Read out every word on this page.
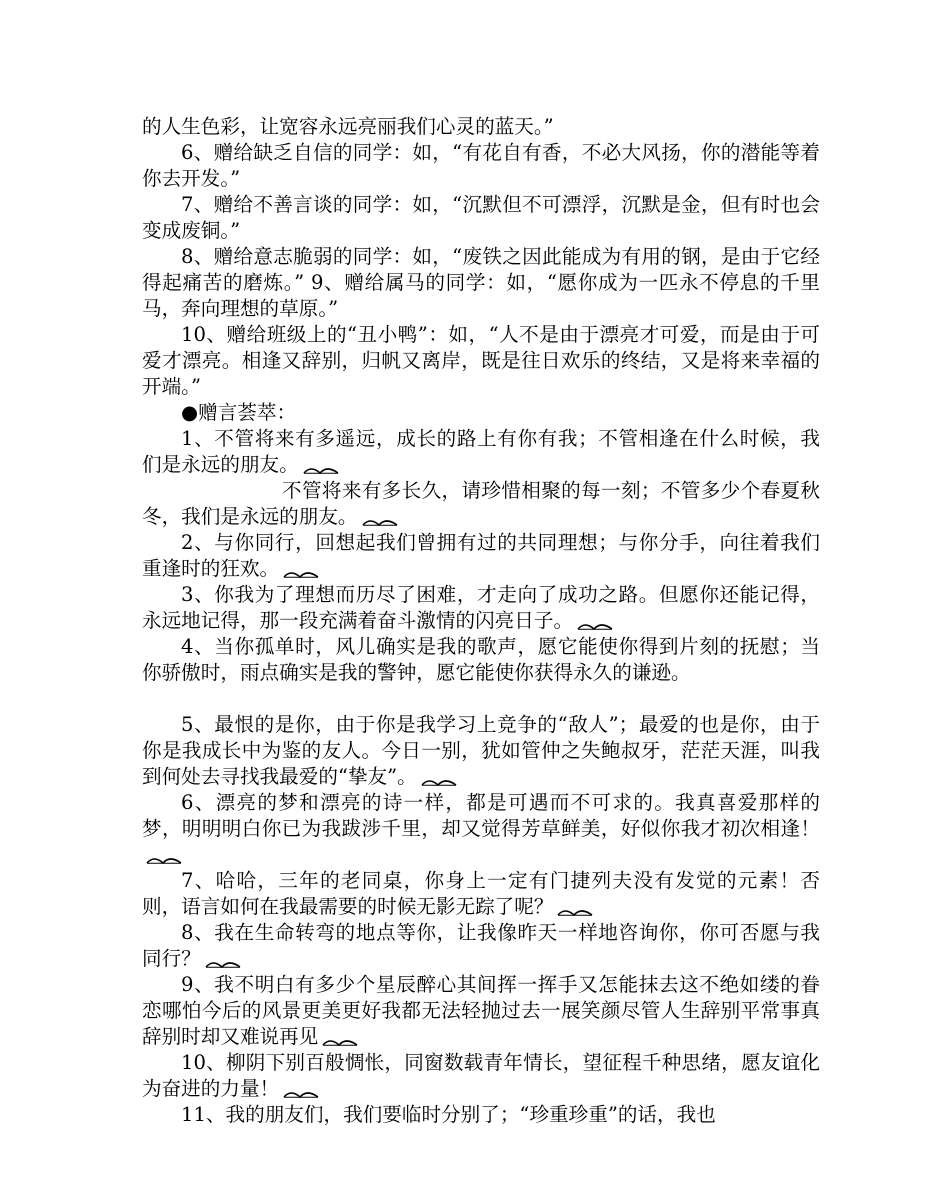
的人生色彩，让宽容永远亮丽我们心灵的蓝天。”

6、赠给缺乏自信的同学：如，“有花自有香，不必大风扬，你的潜能等着你去开发。”

7、赠给不善言谈的同学：如，“沉默但不可漂浮，沉默是金，但有时也会变成废铜。”

8、赠给意志脆弱的同学：如，“废铁之因此能成为有用的钢，是由于它经得起痛苦的磨炼。” 9、赠给属马的同学：如，“愿你成为一匹永不停息的千里马，奔向理想的草原。”

10、赠给班级上的“丑小鸭”：如，“人不是由于漂亮才可爱，而是由于可爱才漂亮。相逢又辞别，归帆又离岸，既是往日欢乐的终结，又是将来幸福的开端。”

●赠言荟萃：

1、不管将来有多遥远，成长的路上有你有我；不管相逢在什么时候，我们是永远的朋友。

不管将来有多长久，请珍惜相聚的每一刻；不管多少个春夏秋冬，我们是永远的朋友。

2、与你同行，回想起我们曾拥有过的共同理想；与你分手，向往着我们重逢时的狂欢。

3、你我为了理想而历尽了困难，才走向了成功之路。但愿你还能记得，永远地记得，那一段充满着奋斗激情的闪亮日子。

4、当你孤单时，风儿确实是我的歌声，愿它能使你得到片刻的抚慰；当你骄傲时，雨点确实是我的警钟，愿它能使你获得永久的谦逊。

5、最恨的是你，由于你是我学习上竞争的“敌人”；最爱的也是你，由于你是我成长中为鉴的友人。今日一别，犹如管仲之失鲍叔牙，茫茫天涯，叫我到何处去寻找我最爱的“挚友”。

6、漂亮的梦和漂亮的诗一样，都是可遇而不可求的。我真喜爱那样的梦，明明明白你已为我跋涉千里，却又觉得芳草鲜美，好似你我才初次相逢！

7、哈哈，三年的老同桌，你身上一定有门捷列夫没有发觉的元素！否则，语言如何在我最需要的时候无影无踪了呢？

8、我在生命转弯的地点等你，让我像昨天一样地咨询你，你可否愿与我同行？

9、我不明白有多少个星辰醉心其间挥一挥手又怎能抹去这不绝如缕的眷恋哪怕今后的风景更美更好我都无法轻抛过去一展笑颜尽管人生辞别平常事真辞别时却又难说再见

10、柳阴下别百般惆怅，同窗数载青年情长，望征程千种思绪，愿友谊化为奋进的力量！

11、我的朋友们，我们要临时分别了；“珍重珍重”的话，我也
